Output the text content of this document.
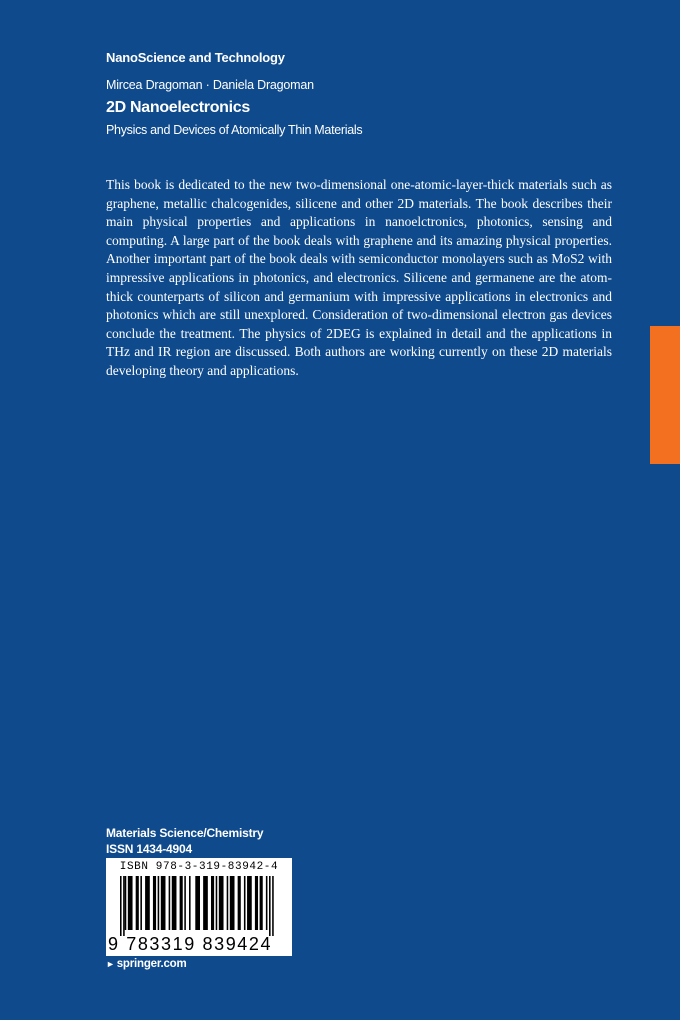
NanoScience and Technology
Mircea Dragoman · Daniela Dragoman
2D Nanoelectronics
Physics and Devices of Atomically Thin Materials

This book is dedicated to the new two-dimensional one-atomic-layer-thick materials such as graphene, metallic chalcogenides, silicene and other 2D materials. The book describes their main physical properties and applications in nanoelctronics, photonics, sensing and computing. A large part of the book deals with graphene and its amazing physical properties. Another important part of the book deals with semiconductor monolayers such as MoS2 with impressive applications in photonics, and electronics. Silicene and germanene are the atom-thick counterparts of silicon and germanium with impressive applications in electronics and photonics which are still unexplored. Consideration of two-dimensional electron gas devices conclude the treatment. The physics of 2DEG is explained in detail and the applications in THz and IR region are discussed. Both authors are working currently on these 2D materials developing theory and applications.

Materials Science/Chemistry
ISSN 1434-4904
ISBN 978-3-319-83942-4
9 783319 839424
► springer.com
